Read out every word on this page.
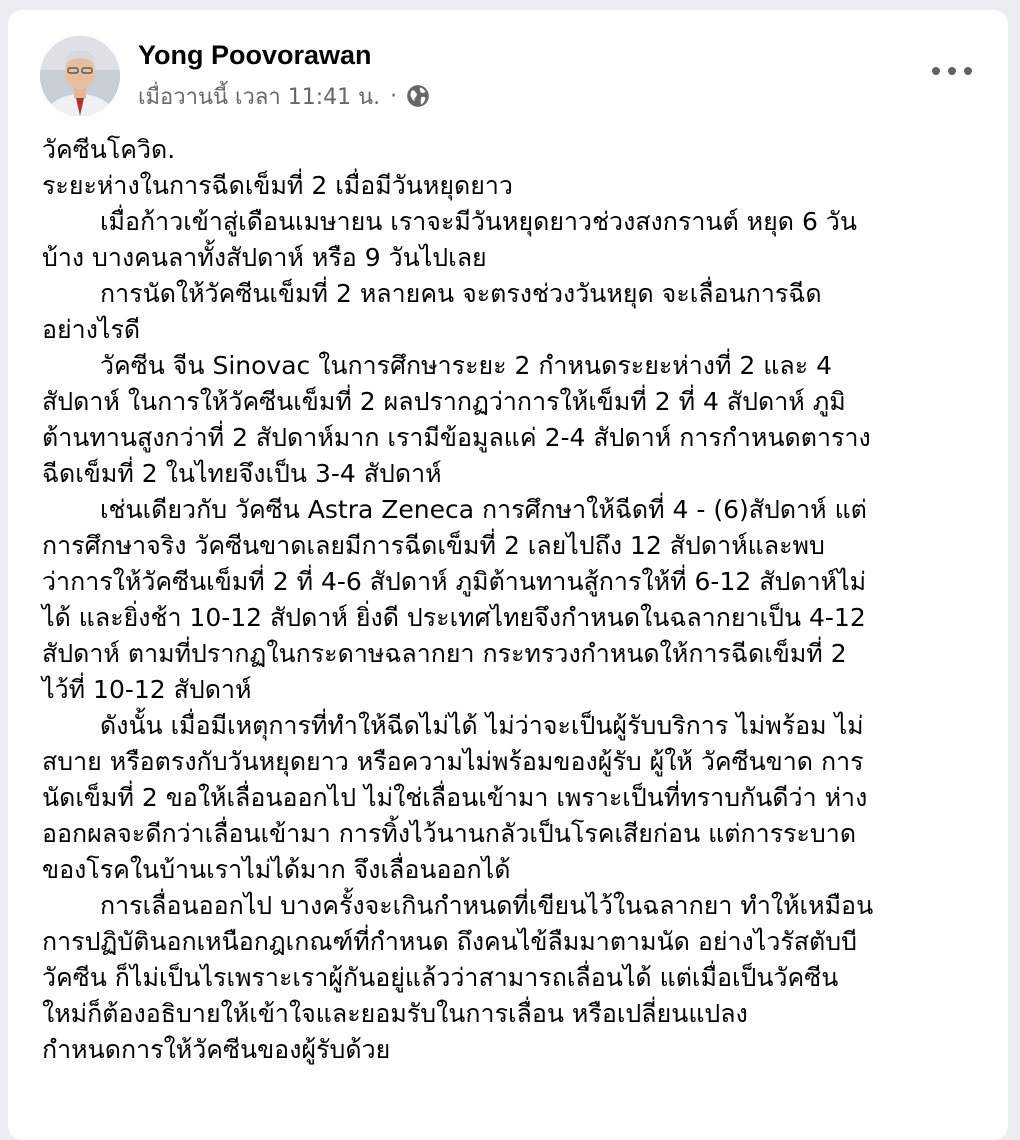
Yong Poovorawan
เมื่อวานนี้ เวลา 11:41 น. ·

วัคซีนโควิด.

ระยะห่างในการฉีดเข็มที่ 2 เมื่อมีวันหยุดยาว

เมื่อก้าวเข้าสู่เดือนเมษายน เราจะมีวันหยุดยาวช่วงสงกรานต์ หยุด 6 วัน
บ้าง บางคนลาทั้งสัปดาห์ หรือ 9 วันไปเลย

การนัดให้วัคซีนเข็มที่ 2 หลายคน จะตรงช่วงวันหยุด จะเลื่อนการฉีด
อย่างไรดี

วัคซีน จีน Sinovac ในการศึกษาระยะ 2 กำหนดระยะห่างที่ 2 และ 4
สัปดาห์ ในการให้วัคซีนเข็มที่ 2 ผลปรากฏว่าการให้เข็มที่ 2 ที่ 4 สัปดาห์ ภูมิ
ต้านทานสูงกว่าที่ 2 สัปดาห์มาก เรามีข้อมูลแค่ 2-4 สัปดาห์ การกำหนดตาราง
ฉีดเข็มที่ 2 ในไทยจึงเป็น 3-4 สัปดาห์

เช่นเดียวกับ วัคซีน Astra Zeneca การศึกษาให้ฉีดที่ 4 - (6)สัปดาห์ แต่
การศึกษาจริง วัคซีนขาดเลยมีการฉีดเข็มที่ 2 เลยไปถึง 12 สัปดาห์และพบ
ว่าการให้วัคซีนเข็มที่ 2 ที่ 4-6 สัปดาห์ ภูมิต้านทานสู้การให้ที่ 6-12 สัปดาห์ไม่
ได้ และยิ่งช้า 10-12 สัปดาห์ ยิ่งดี ประเทศไทยจึงกำหนดในฉลากยาเป็น 4-12
สัปดาห์ ตามที่ปรากฏในกระดาษฉลากยา กระทรวงกำหนดให้การฉีดเข็มที่ 2
ไว้ที่ 10-12 สัปดาห์

ดังนั้น เมื่อมีเหตุการที่ทำให้ฉีดไม่ได้ ไม่ว่าจะเป็นผู้รับบริการ ไม่พร้อม ไม่
สบาย หรือตรงกับวันหยุดยาว หรือความไม่พร้อมของผู้รับ ผู้ให้ วัคซีนขาด การ
นัดเข็มที่ 2 ขอให้เลื่อนออกไป ไม่ใช่เลื่อนเข้ามา เพราะเป็นที่ทราบกันดีว่า ห่าง
ออกผลจะดีกว่าเลื่อนเข้ามา การทิ้งไว้นานกลัวเป็นโรคเสียก่อน แต่การระบาด
ของโรคในบ้านเราไม่ได้มาก จึงเลื่อนออกได้

การเลื่อนออกไป บางครั้งจะเกินกำหนดที่เขียนไว้ในฉลากยา ทำให้เหมือน
การปฏิบัตินอกเหนือกฎเกณฑ์ที่กำหนด ถึงคนไข้ลืมมาตามนัด อย่างไวรัสตับบี
วัคซีน ก็ไม่เป็นไรเพราะเราผู้กันอยู่แล้วว่าสามารถเลื่อนได้ แต่เมื่อเป็นวัคซีน
ใหม่ก็ต้องอธิบายให้เข้าใจและยอมรับในการเลื่อน หรือเปลี่ยนแปลง
กำหนดการให้วัคซีนของผู้รับด้วย
